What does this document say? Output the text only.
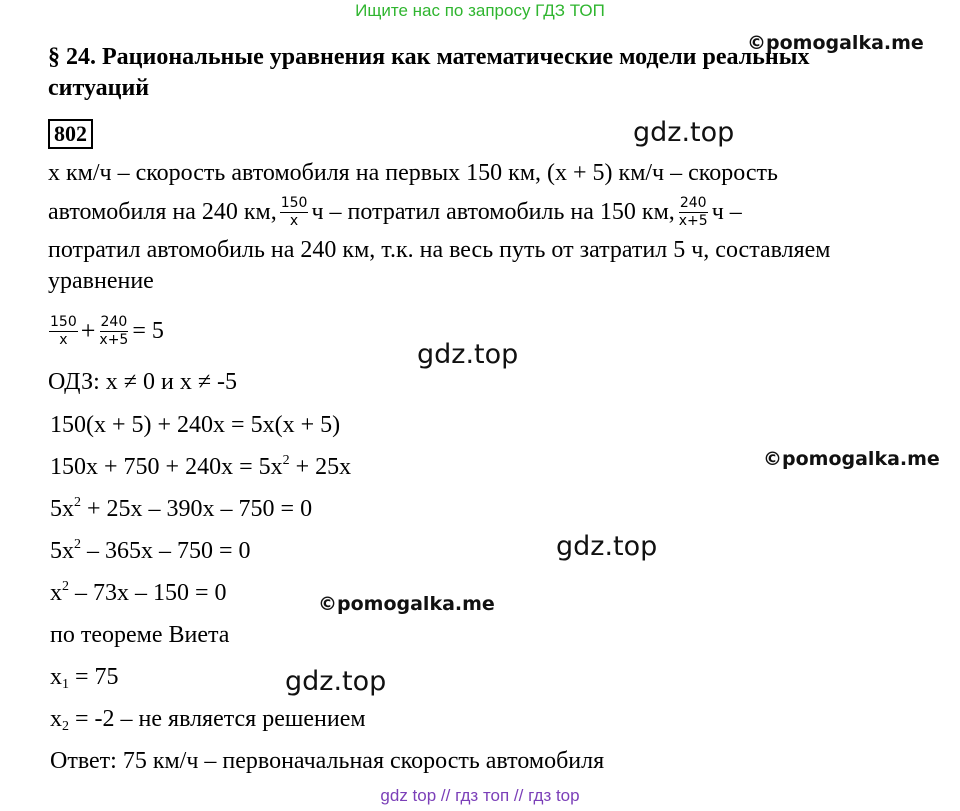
Ищите нас по запросу ГДЗ ТОП
§ 24. Рациональные уравнения как математические модели реальных
ситуаций
802
©pomogalka.me
gdz.top
gdz.top
©pomogalka.me
gdz.top
©pomogalka.me
gdz.top
x км/ч – скорость автомобиля на первых 150 км, (x + 5) км/ч – скорость
автомобиля на 240 км, $\frac{150}{x}$ ч – потратил автомобиль на 150 км, $\frac{240}{x+5}$ ч –
потратил автомобиль на 240 км, т.к. на весь путь от затратил 5 ч, составляем
уравнение
$\frac{150}{x} + \frac{240}{x+5} = 5$
ОДЗ: x ≠ 0 и x ≠ -5
150(x + 5) + 240x = 5x(x + 5)
$150x + 750 + 240x = 5x^2 + 25x$
$5x^2 + 25x - 390x - 750 = 0$
$5x^2 - 365x - 750 = 0$
$x^2 - 73x - 150 = 0$
по теореме Виета
$x_1 = 75$
$x_2 = -2$ – не является решением
Ответ: 75 км/ч – первоначальная скорость автомобиля
gdz top // гдз топ // гдз top
